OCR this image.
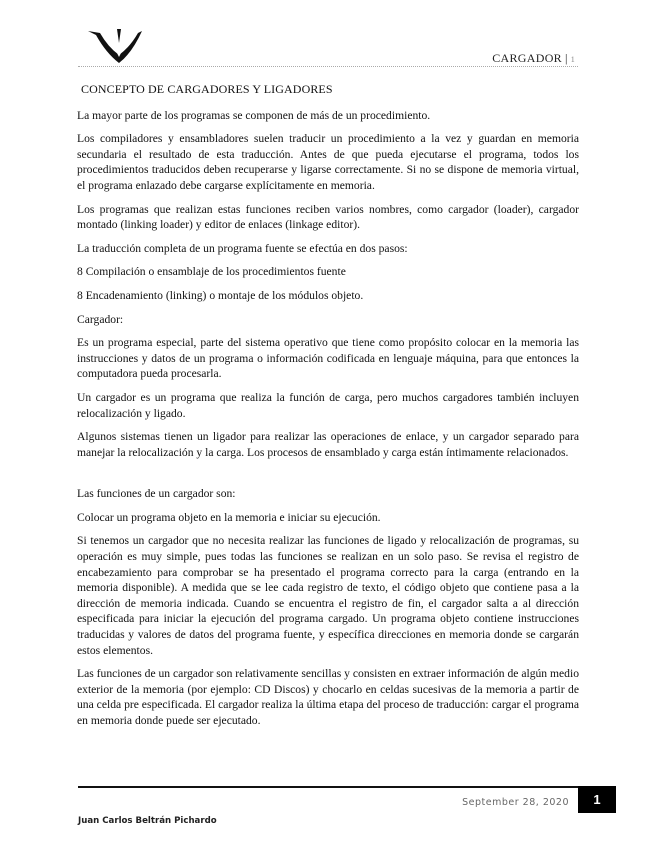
CARGADOR | 1
CONCEPTO DE CARGADORES Y LIGADORES

La mayor parte de los programas se componen de más de un procedimiento.

Los compiladores y ensambladores suelen traducir un procedimiento a la vez y guardan en memoria secundaria el resultado de esta traducción. Antes de que pueda ejecutarse el programa, todos los procedimientos traducidos deben recuperarse y ligarse correctamente. Si no se dispone de memoria virtual, el programa enlazado debe cargarse explícitamente en memoria.

Los programas que realizan estas funciones reciben varios nombres, como cargador (loader), cargador montado (linking loader) y editor de enlaces (linkage editor).

La traducción completa de un programa fuente se efectúa en dos pasos:

8 Compilación o ensamblaje de los procedimientos fuente

8 Encadenamiento (linking) o montaje de los módulos objeto.

Cargador:

Es un programa especial, parte del sistema operativo que tiene como propósito colocar en la memoria las instrucciones y datos de un programa o información codificada en lenguaje máquina, para que entonces la computadora pueda procesarla.

Un cargador es un programa que realiza la función de carga, pero muchos cargadores también incluyen relocalización y ligado.

Algunos sistemas tienen un ligador para realizar las operaciones de enlace, y un cargador separado para manejar la relocalización y la carga. Los procesos de ensamblado y carga están íntimamente relacionados.

Las funciones de un cargador son:

Colocar un programa objeto en la memoria e iniciar su ejecución.

Si tenemos un cargador que no necesita realizar las funciones de ligado y relocalización de programas, su operación es muy simple, pues todas las funciones se realizan en un solo paso. Se revisa el registro de encabezamiento para comprobar se ha presentado el programa correcto para la carga (entrando en la memoria disponible). A medida que se lee cada registro de texto, el código objeto que contiene pasa a la dirección de memoria indicada. Cuando se encuentra el registro de fin, el cargador salta a al dirección especificada para iniciar la ejecución del programa cargado. Un programa objeto contiene instrucciones traducidas y valores de datos del programa fuente, y específica direcciones en memoria donde se cargarán estos elementos.

Las funciones de un cargador son relativamente sencillas y consisten en extraer información de algún medio exterior de la memoria (por ejemplo: CD Discos) y chocarlo en celdas sucesivas de la memoria a partir de una celda pre especificada. El cargador realiza la última etapa del proceso de traducción: cargar el programa en memoria donde puede ser ejecutado.

September 28, 2020	1
Juan Carlos Beltrán Pichardo
